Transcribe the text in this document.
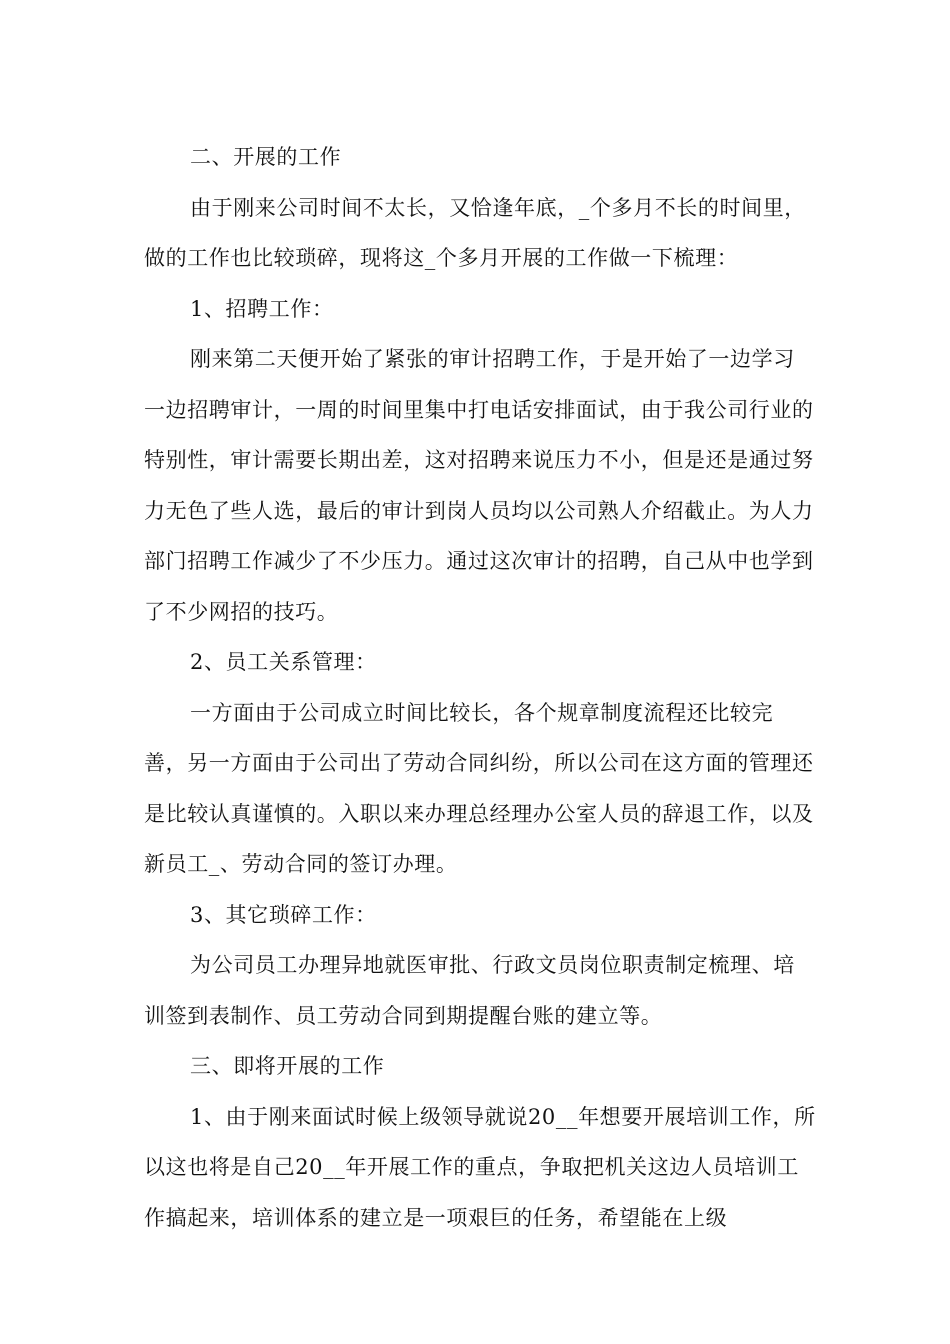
二、开展的工作

由于刚来公司时间不太长，又恰逢年底，_个多月不长的时间里，做的工作也比较琐碎，现将这_个多月开展的工作做一下梳理：

1、招聘工作：

刚来第二天便开始了紧张的审计招聘工作，于是开始了一边学习一边招聘审计，一周的时间里集中打电话安排面试，由于我公司行业的特别性，审计需要长期出差，这对招聘来说压力不小，但是还是通过努力无色了些人选，最后的审计到岗人员均以公司熟人介绍截止。为人力部门招聘工作减少了不少压力。通过这次审计的招聘，自己从中也学到了不少网招的技巧。

2、员工关系管理：

一方面由于公司成立时间比较长，各个规章制度流程还比较完善，另一方面由于公司出了劳动合同纠纷，所以公司在这方面的管理还是比较认真谨慎的。入职以来办理总经理办公室人员的辞退工作，以及新员工_、劳动合同的签订办理。

3、其它琐碎工作：

为公司员工办理异地就医审批、行政文员岗位职责制定梳理、培训签到表制作、员工劳动合同到期提醒台账的建立等。

三、即将开展的工作

1、由于刚来面试时候上级领导就说20__年想要开展培训工作，所以这也将是自己20__年开展工作的重点，争取把机关这边人员培训工作搞起来，培训体系的建立是一项艰巨的任务，希望能在上级
